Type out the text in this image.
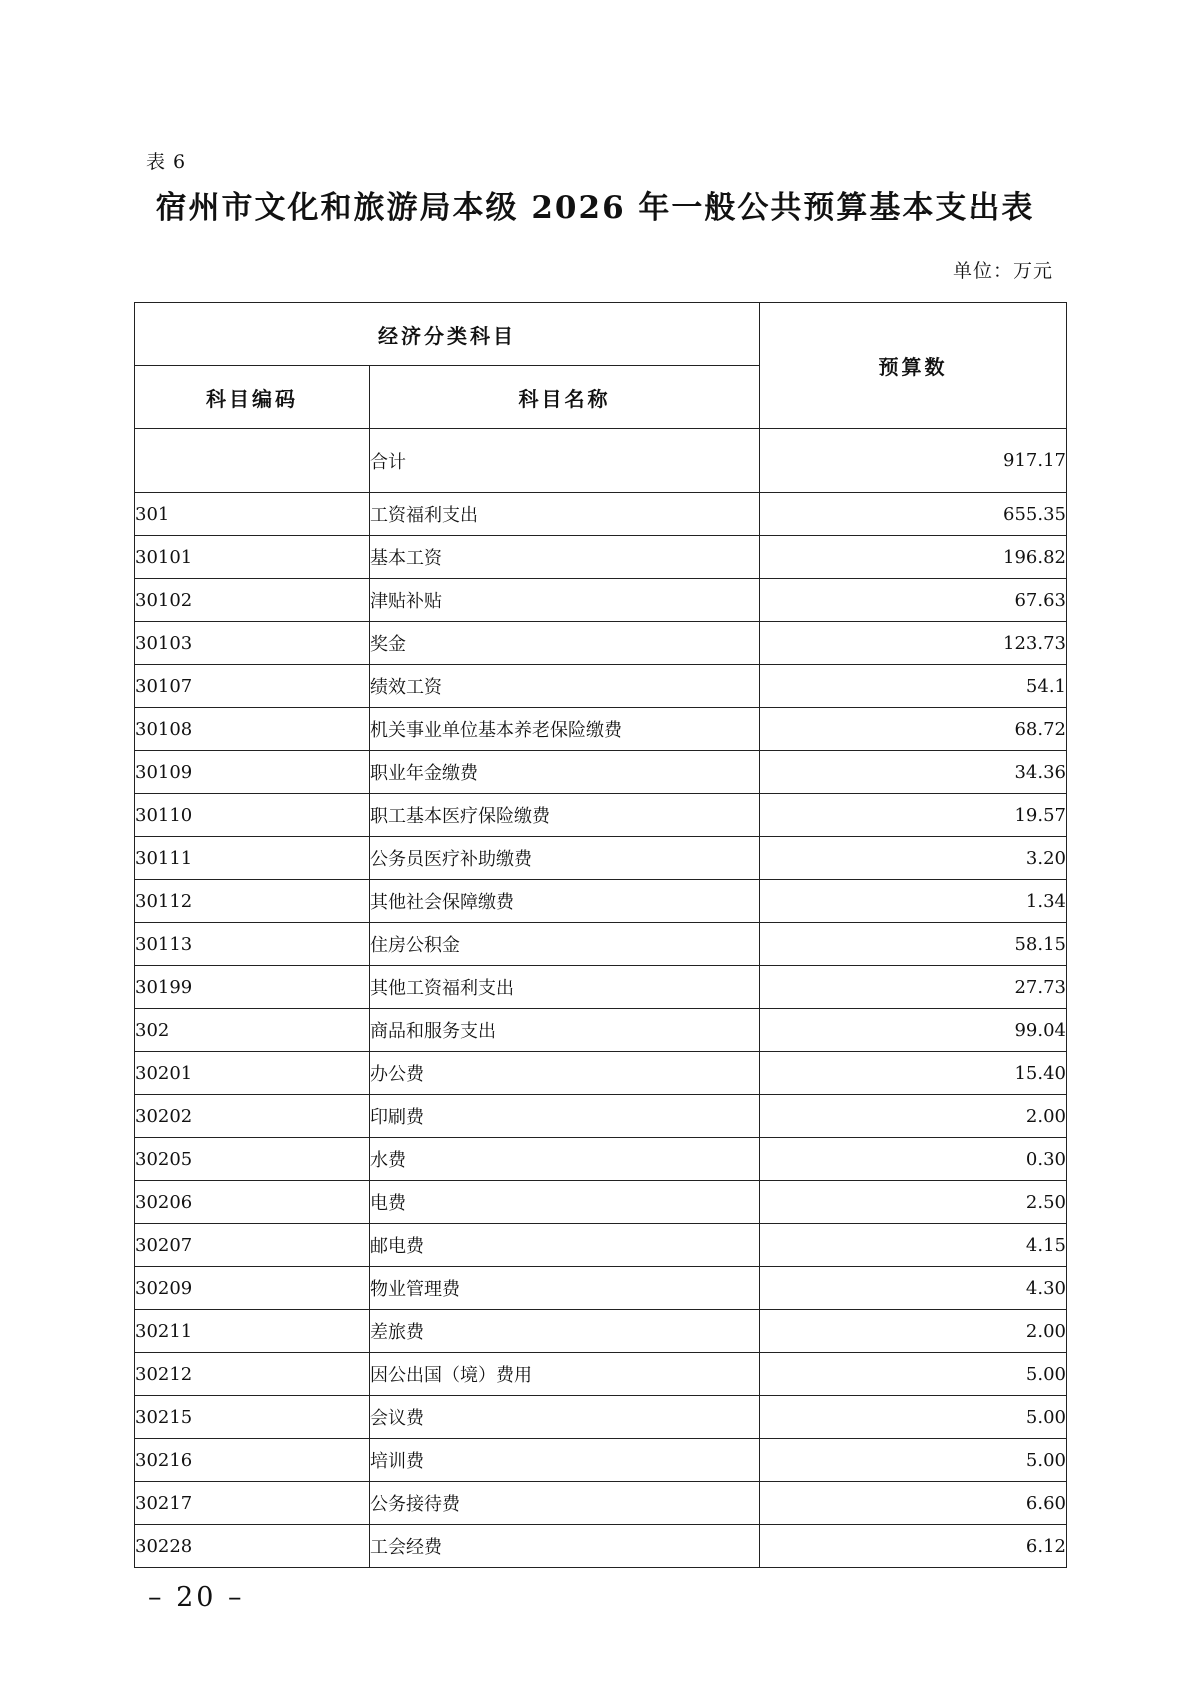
表 6
宿州市文化和旅游局本级 2026 年一般公共预算基本支出表
单位：万元
经济分类科目		预算数
科目编码	科目名称	
	合计	917.17
301	工资福利支出	655.35
30101	基本工资	196.82
30102	津贴补贴	67.63
30103	奖金	123.73
30107	绩效工资	54.1
30108	机关事业单位基本养老保险缴费	68.72
30109	职业年金缴费	34.36
30110	职工基本医疗保险缴费	19.57
30111	公务员医疗补助缴费	3.20
30112	其他社会保障缴费	1.34
30113	住房公积金	58.15
30199	其他工资福利支出	27.73
302	商品和服务支出	99.04
30201	办公费	15.40
30202	印刷费	2.00
30205	水费	0.30
30206	电费	2.50
30207	邮电费	4.15
30209	物业管理费	4.30
30211	差旅费	2.00
30212	因公出国（境）费用	5.00
30215	会议费	5.00
30216	培训费	5.00
30217	公务接待费	6.60
30228	工会经费	6.12
– 20 –
